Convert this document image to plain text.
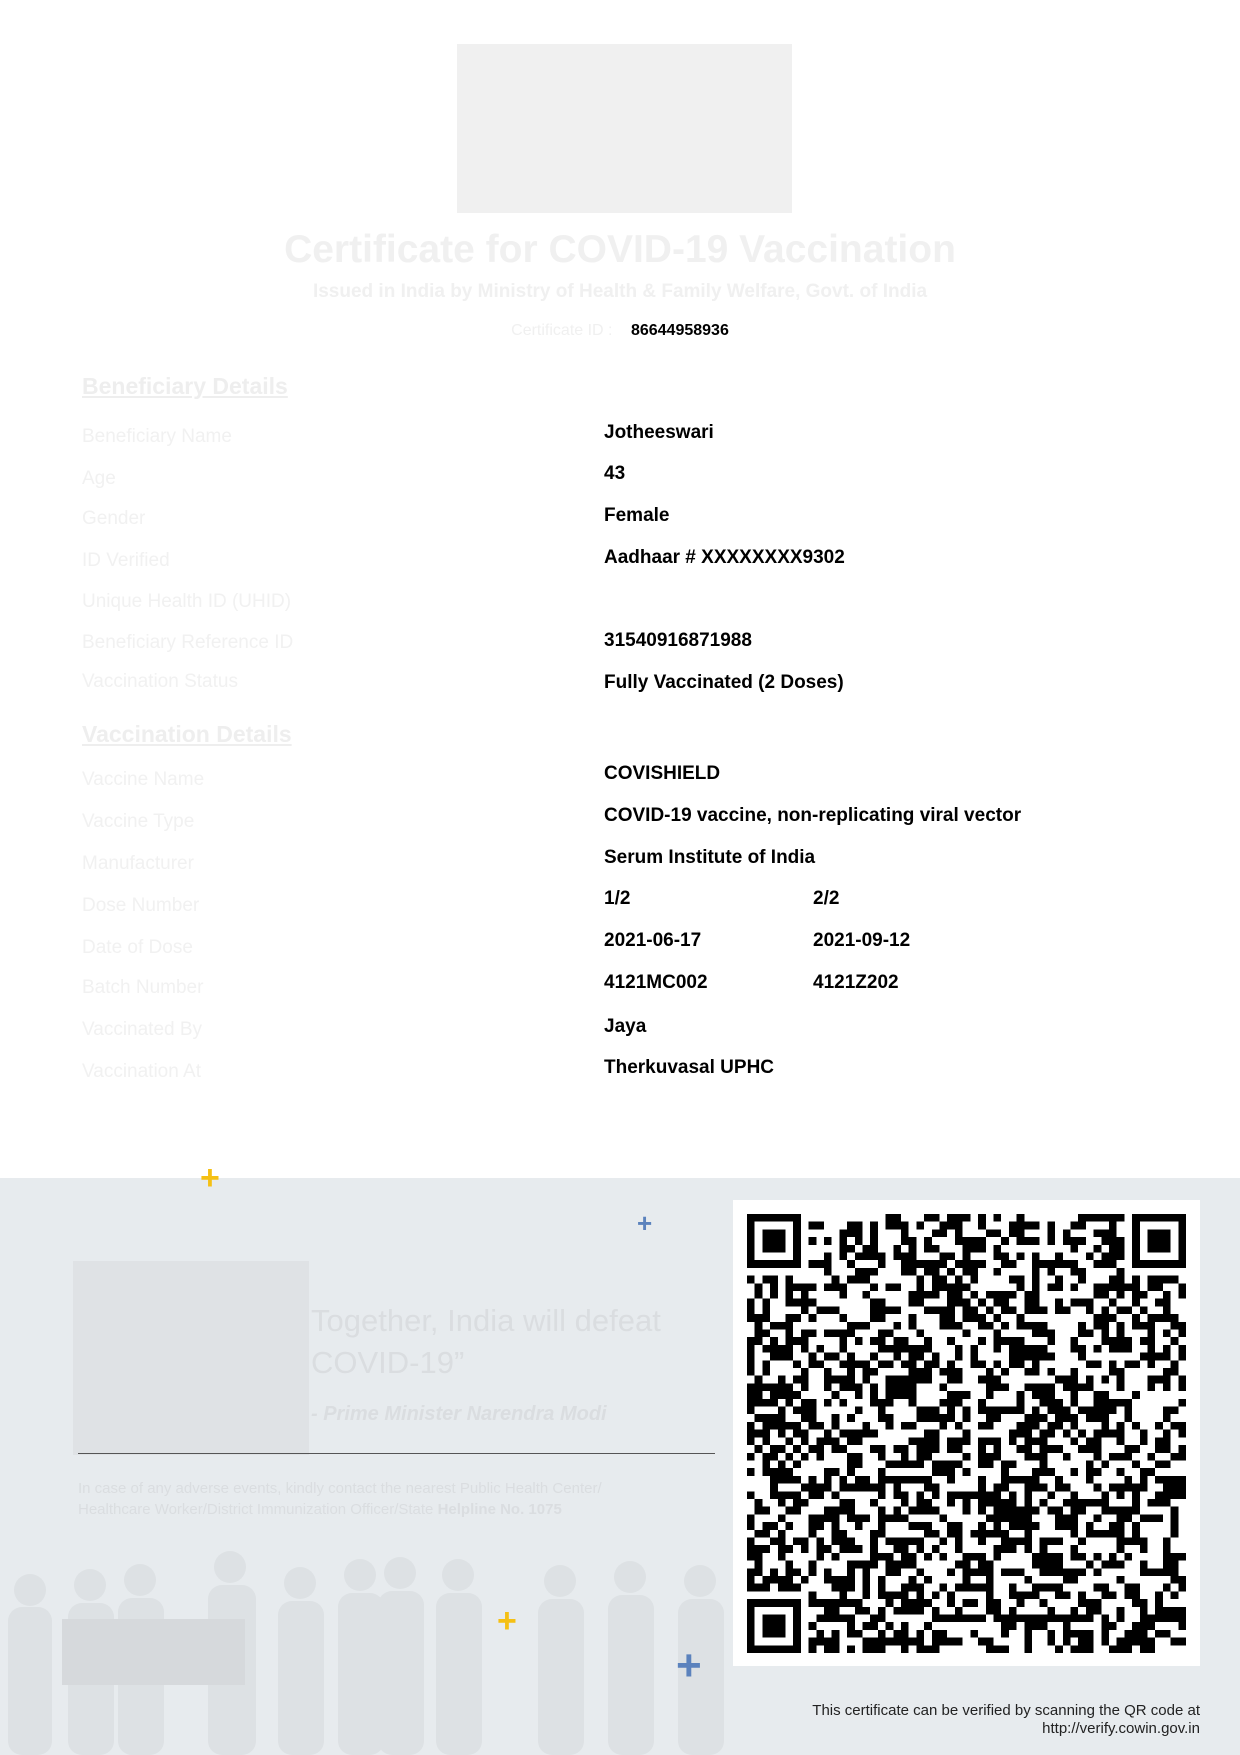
Certificate for COVID-19 Vaccination
Issued in India by Ministry of Health & Family Welfare, Govt. of India
Certificate ID : 86644958936
Beneficiary Details
Beneficiary Name	Jotheeswari
Age	43
Gender	Female
ID Verified	Aadhaar # XXXXXXXX9302
Unique Health ID (UHID)
Beneficiary Reference ID	31540916871988
Vaccination Status	Fully Vaccinated (2 Doses)
Vaccination Details
Vaccine Name	COVISHIELD
Vaccine Type	COVID-19 vaccine, non-replicating viral vector
Manufacturer	Serum Institute of India
Dose Number	1/2	2/2
Date of Dose	2021-06-17	2021-09-12
Batch Number	4121MC002	4121Z202
Vaccinated By	Jaya
Vaccination At	Therkuvasal UPHC
+
+
+
+
Together, India will defeat COVID-19”
- Prime Minister Narendra Modi
In case of any adverse events, kindly contact the nearest Public Health Center/ Healthcare Worker/District Immunization Officer/State Helpline No. 1075
This certificate can be verified by scanning the QR code at
http://verify.cowin.gov.in
